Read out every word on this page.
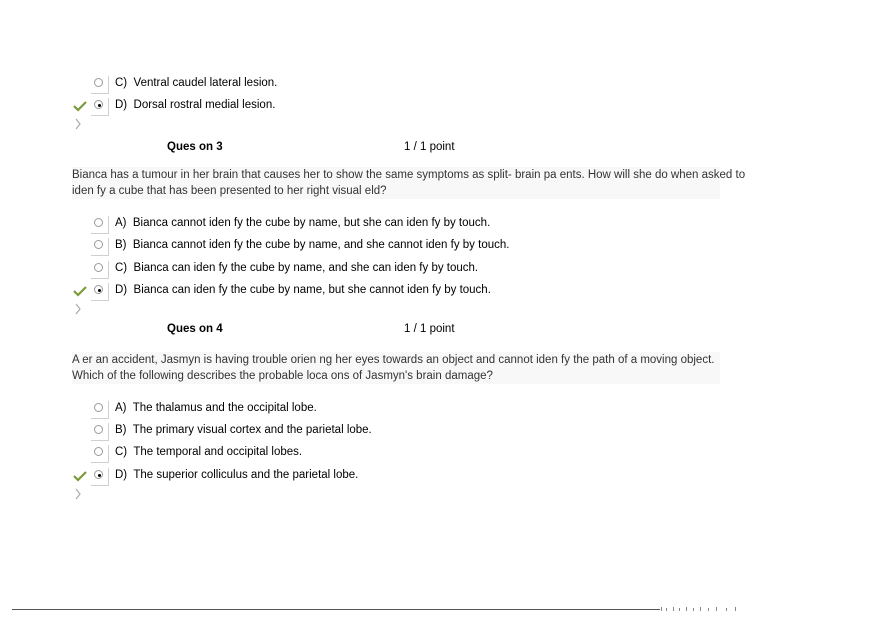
C) Ventral caudel lateral lesion.
D) Dorsal rostral medial lesion.
Ques on 3	1 / 1 point
Bianca has a tumour in her brain that causes her to show the same symptoms as split- brain pa ents. How will she do when asked to
iden fy a cube that has been presented to her right visual eld?
A) Bianca cannot iden fy the cube by name, but she can iden fy by touch.
B) Bianca cannot iden fy the cube by name, and she cannot iden fy by touch.
C) Bianca can iden fy the cube by name, and she can iden fy by touch.
D) Bianca can iden fy the cube by name, but she cannot iden fy by touch.
Ques on 4	1 / 1 point
A er an accident, Jasmyn is having trouble orien ng her eyes towards an object and cannot iden fy the path of a moving object.
Which of the following describes the probable loca ons of Jasmyn's brain damage?
A) The thalamus and the occipital lobe.
B) The primary visual cortex and the parietal lobe.
C) The temporal and occipital lobes.
D) The superior colliculus and the parietal lobe.
